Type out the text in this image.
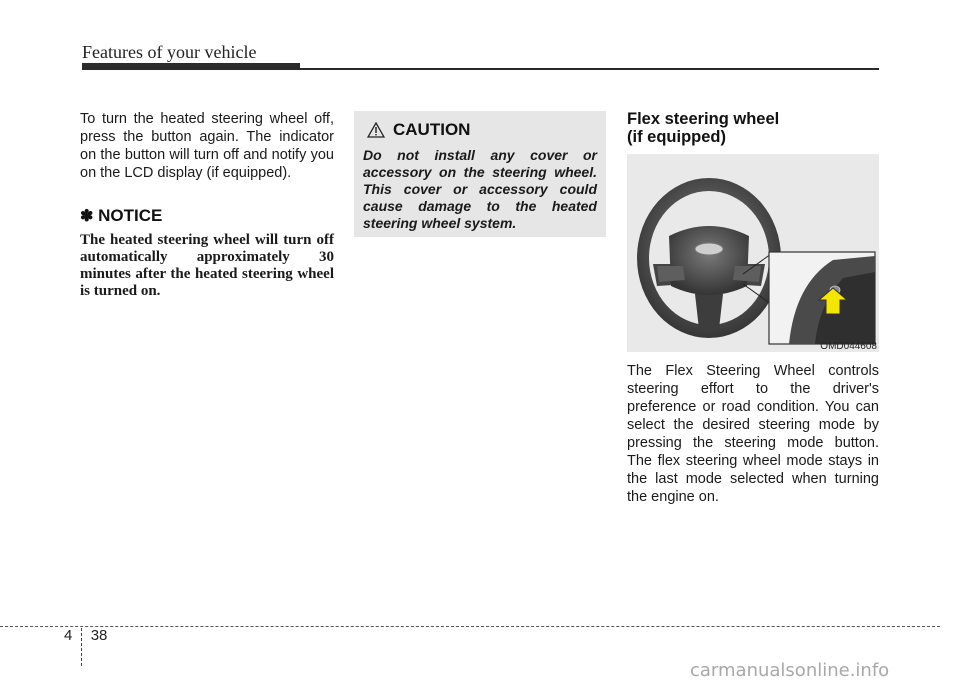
Features of your vehicle

To turn the heated steering wheel off, press the button again. The indicator on the button will turn off and notify you on the LCD display (if equipped).

✽ NOTICE

The heated steering wheel will turn off automatically approximately 30 minutes after the heated steering wheel is turned on.

CAUTION

Do not install any cover or accessory on the steering wheel. This cover or accessory could cause damage to the heated steering wheel system.

Flex steering wheel
(if equipped)

OMD044608

The Flex Steering Wheel controls steering effort to the driver's preference or road condition. You can select the desired steering mode by pressing the steering mode button. The flex steering wheel mode stays in the last mode selected when turning the engine on.

4 38
carmanualsonline.info
